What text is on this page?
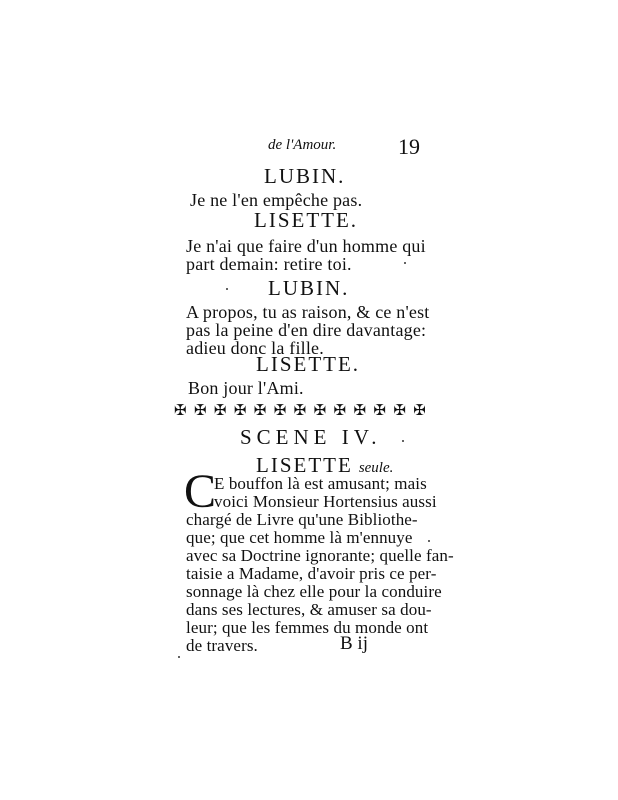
de l'Amour.	19
LUBIN.
Je ne l'en empêche pas.
LISETTE.
Je n'ai que faire d'un homme qui
part demain: retire toi.
LUBIN.
A propos, tu as raison, & ce n'est
pas la peine d'en dire davantage:
adieu donc la fille.
LISETTE.
Bon jour l'Ami.
✠ ✠ ✠ ✠ ✠ ✠ ✠ ✠ ✠ ✠ ✠ ✠ ✠
SCENE IV.
LISETTE seule.
C
E bouffon là est amusant; mais
voici Monsieur Hortensius aussi
chargé de Livre qu'une Bibliothe-
que; que cet homme là m'ennuye
avec sa Doctrine ignorante; quelle fan-
taisie a Madame, d'avoir pris ce per-
sonnage là chez elle pour la conduire
dans ses lectures, & amuser sa dou-
leur; que les femmes du monde ont
de travers.	B ij
